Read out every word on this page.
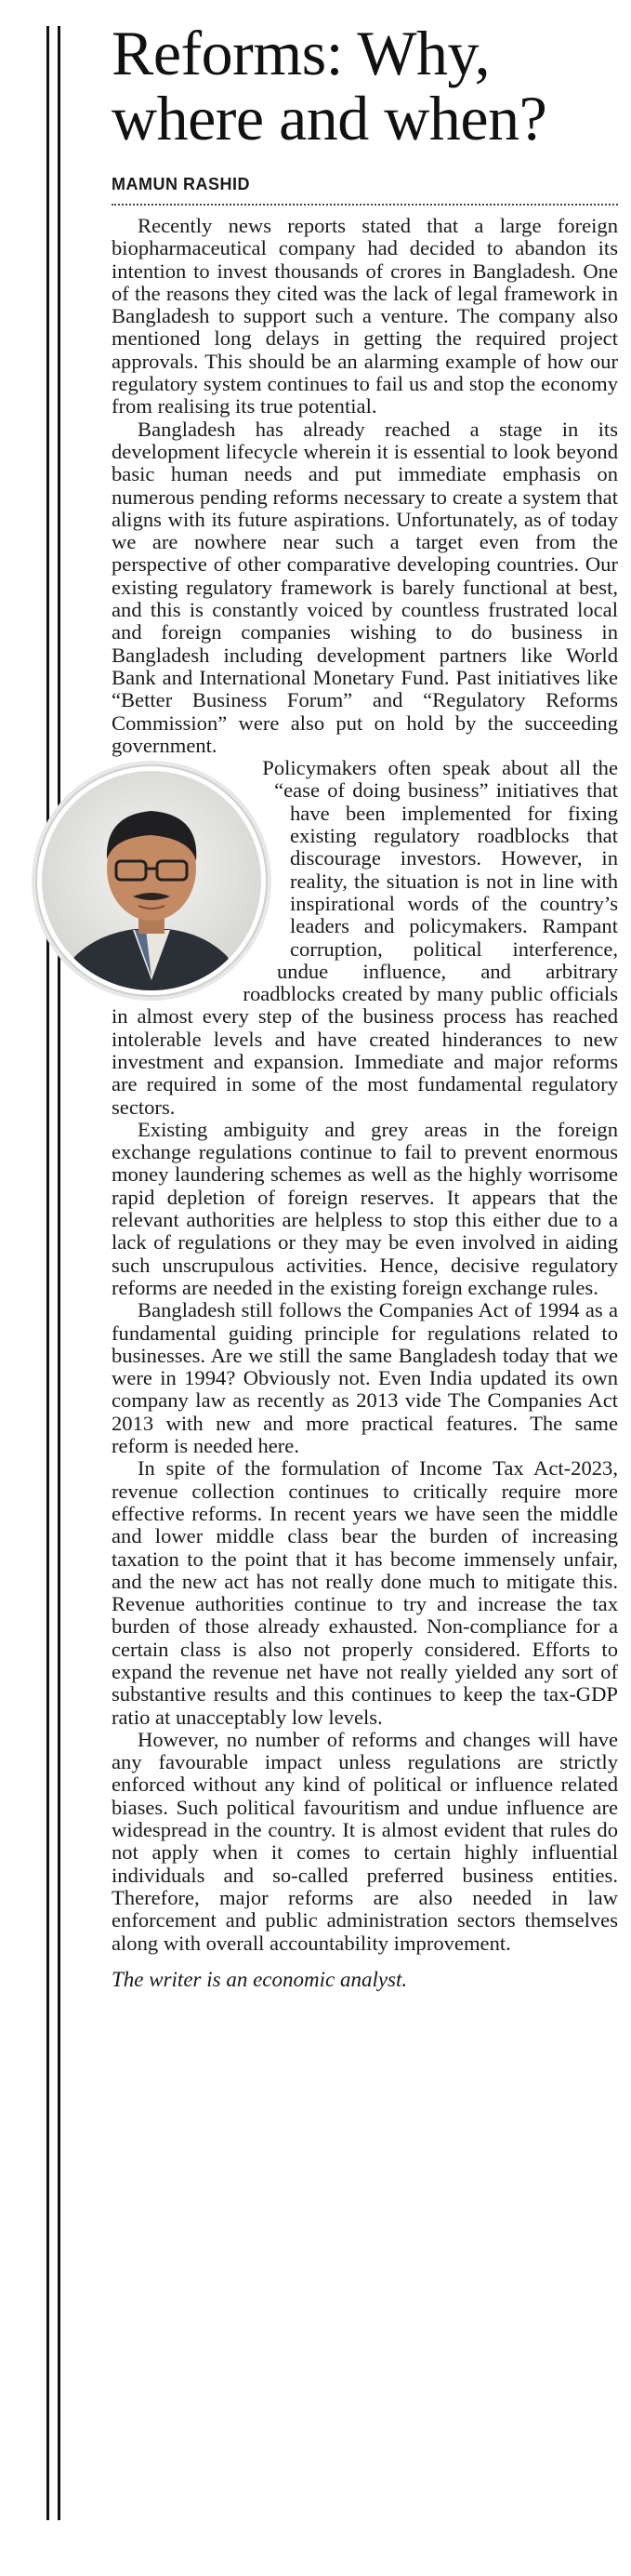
Reforms: Why,
where and when?
MAMUN RASHID

Recently news reports stated that a large foreign biopharmaceutical company had decided to abandon its intention to invest thousands of crores in Bangladesh. One of the reasons they cited was the lack of legal framework in Bangladesh to support such a venture. The company also mentioned long delays in getting the required project approvals. This should be an alarming example of how our regulatory system continues to fail us and stop the economy from realising its true potential.

Bangladesh has already reached a stage in its development lifecycle wherein it is essential to look beyond basic human needs and put immediate emphasis on numerous pending reforms necessary to create a system that aligns with its future aspirations. Unfortunately, as of today we are nowhere near such a target even from the perspective of other comparative developing countries. Our existing regulatory framework is barely functional at best, and this is constantly voiced by countless frustrated local and foreign companies wishing to do business in Bangladesh including development partners like World Bank and International Monetary Fund. Past initiatives like “Better Business Forum” and “Regulatory Reforms Commission” were also put on hold by the succeeding government.

Policymakers often speak about all the “ease of doing business” initiatives that have been implemented for fixing existing regulatory roadblocks that discourage investors. However, in reality, the situation is not in line with inspirational words of the country’s leaders and policymakers. Rampant corruption, political interference, undue influence, and arbitrary roadblocks created by many public officials in almost every step of the business process has reached intolerable levels and have created hinderances to new investment and expansion. Immediate and major reforms are required in some of the most fundamental regulatory sectors.

Existing ambiguity and grey areas in the foreign exchange regulations continue to fail to prevent enormous money laundering schemes as well as the highly worrisome rapid depletion of foreign reserves. It appears that the relevant authorities are helpless to stop this either due to a lack of regulations or they may be even involved in aiding such unscrupulous activities. Hence, decisive regulatory reforms are needed in the existing foreign exchange rules.

Bangladesh still follows the Companies Act of 1994 as a fundamental guiding principle for regulations related to businesses. Are we still the same Bangladesh today that we were in 1994? Obviously not. Even India updated its own company law as recently as 2013 vide The Companies Act 2013 with new and more practical features. The same reform is needed here.

In spite of the formulation of Income Tax Act-2023, revenue collection continues to critically require more effective reforms. In recent years we have seen the middle and lower middle class bear the burden of increasing taxation to the point that it has become immensely unfair, and the new act has not really done much to mitigate this. Revenue authorities continue to try and increase the tax burden of those already exhausted. Non-compliance for a certain class is also not properly considered. Efforts to expand the revenue net have not really yielded any sort of substantive results and this continues to keep the tax-GDP ratio at unacceptably low levels.

However, no number of reforms and changes will have any favourable impact unless regulations are strictly enforced without any kind of political or influence related biases. Such political favouritism and undue influence are widespread in the country. It is almost evident that rules do not apply when it comes to certain highly influential individuals and so-called preferred business entities. Therefore, major reforms are also needed in law enforcement and public administration sectors themselves along with overall accountability improvement.

The writer is an economic analyst.
